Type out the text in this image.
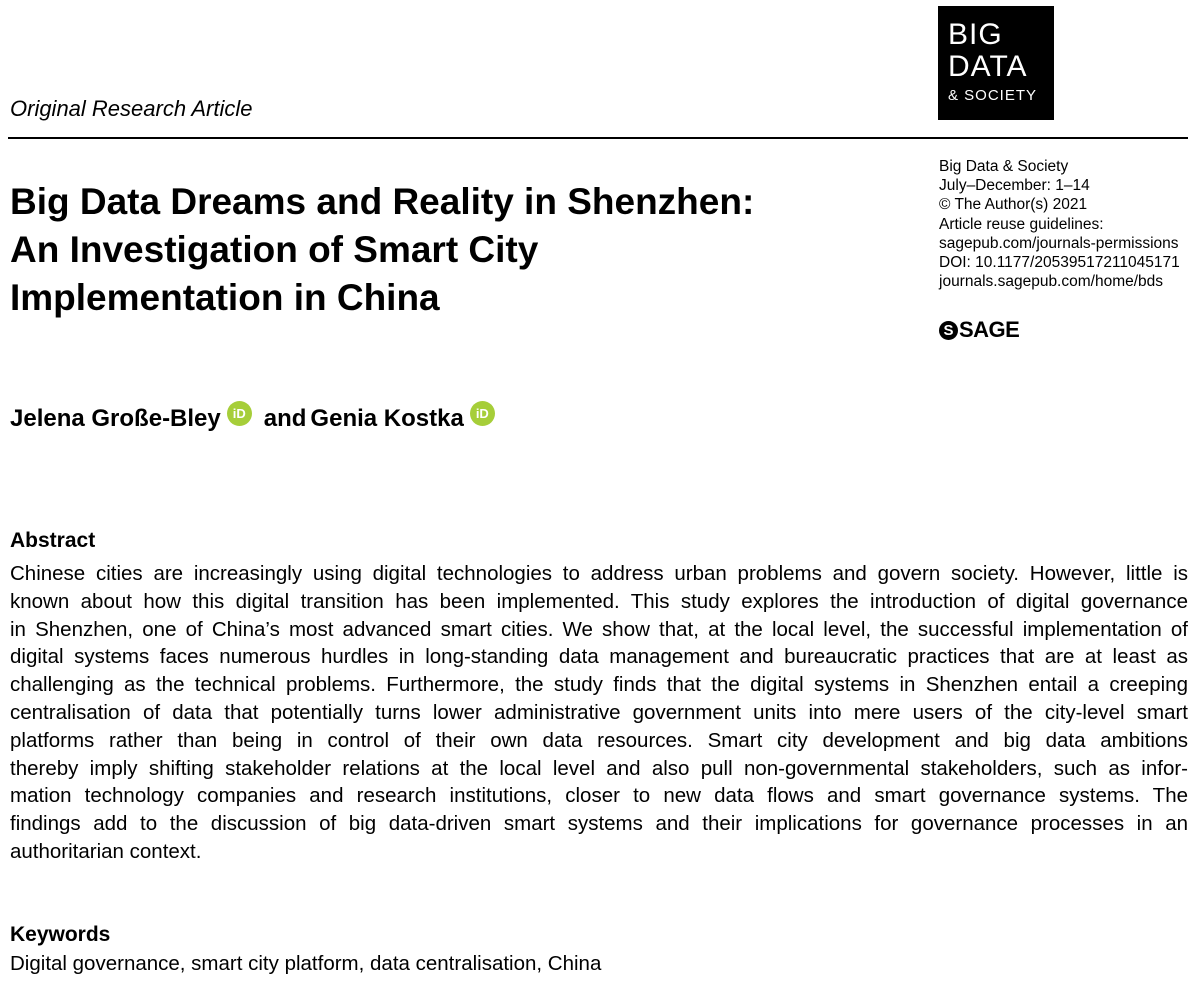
Original Research Article
BIG
DATA
& SOCIETY
Big Data & Society
July–December: 1–14
© The Author(s) 2021
Article reuse guidelines:
sagepub.com/journals-permissions
DOI: 10.1177/20539517211045171
journals.sagepub.com/home/bds
S SAGE
Big Data Dreams and Reality in Shenzhen:
An Investigation of Smart City
Implementation in China
Jelena Große-Bley iD and Genia Kostka iD
Abstract
Chinese cities are increasingly using digital technologies to address urban problems and govern society. However, little is
known about how this digital transition has been implemented. This study explores the introduction of digital governance
in Shenzhen, one of China’s most advanced smart cities. We show that, at the local level, the successful implementation of
digital systems faces numerous hurdles in long-standing data management and bureaucratic practices that are at least as
challenging as the technical problems. Furthermore, the study finds that the digital systems in Shenzhen entail a creeping
centralisation of data that potentially turns lower administrative government units into mere users of the city-level smart
platforms rather than being in control of their own data resources. Smart city development and big data ambitions
thereby imply shifting stakeholder relations at the local level and also pull non-governmental stakeholders, such as infor-
mation technology companies and research institutions, closer to new data flows and smart governance systems. The
findings add to the discussion of big data-driven smart systems and their implications for governance processes in an
authoritarian context.
Keywords
Digital governance, smart city platform, data centralisation, China
